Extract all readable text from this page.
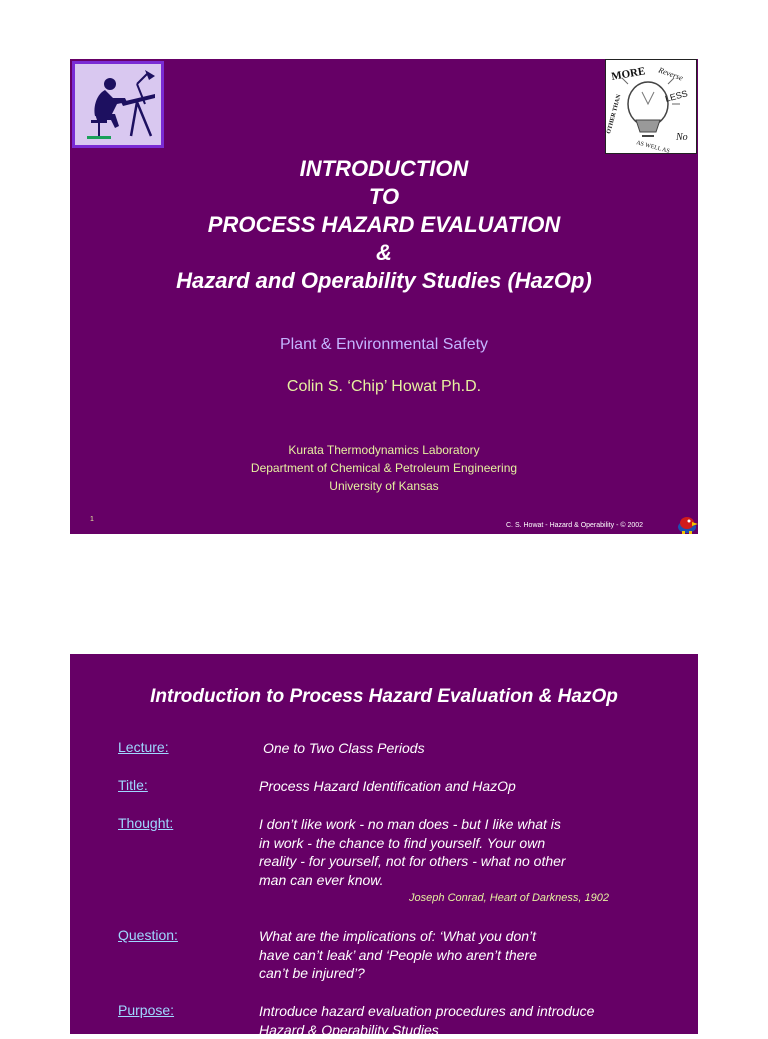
MORE Reverse
LESS
OTHER THAN
AS WELL AS
No
INTRODUCTION
TO
PROCESS HAZARD EVALUATION
&
Hazard and Operability Studies (HazOp)
Plant & Environmental Safety
Colin S. ‘Chip’ Howat Ph.D.
Kurata Thermodynamics Laboratory
Department of Chemical & Petroleum Engineering
University of Kansas
1
C. S. Howat - Hazard & Operability - © 2002
Introduction to Process Hazard Evaluation & HazOp
Lecture:	One to Two Class Periods
Title:	Process Hazard Identification and HazOp
Thought:	I don’t like work - no man does - but I like what is
in work - the chance to find yourself. Your own
reality - for yourself, not for others - what no other
man can ever know.
Joseph Conrad, Heart of Darkness, 1902
Question:	What are the implications of: ‘What you don’t
have can’t leak’ and ‘People who aren’t there
can’t be injured’?
Purpose:	Introduce hazard evaluation procedures and introduce
Hazard & Operability Studies
